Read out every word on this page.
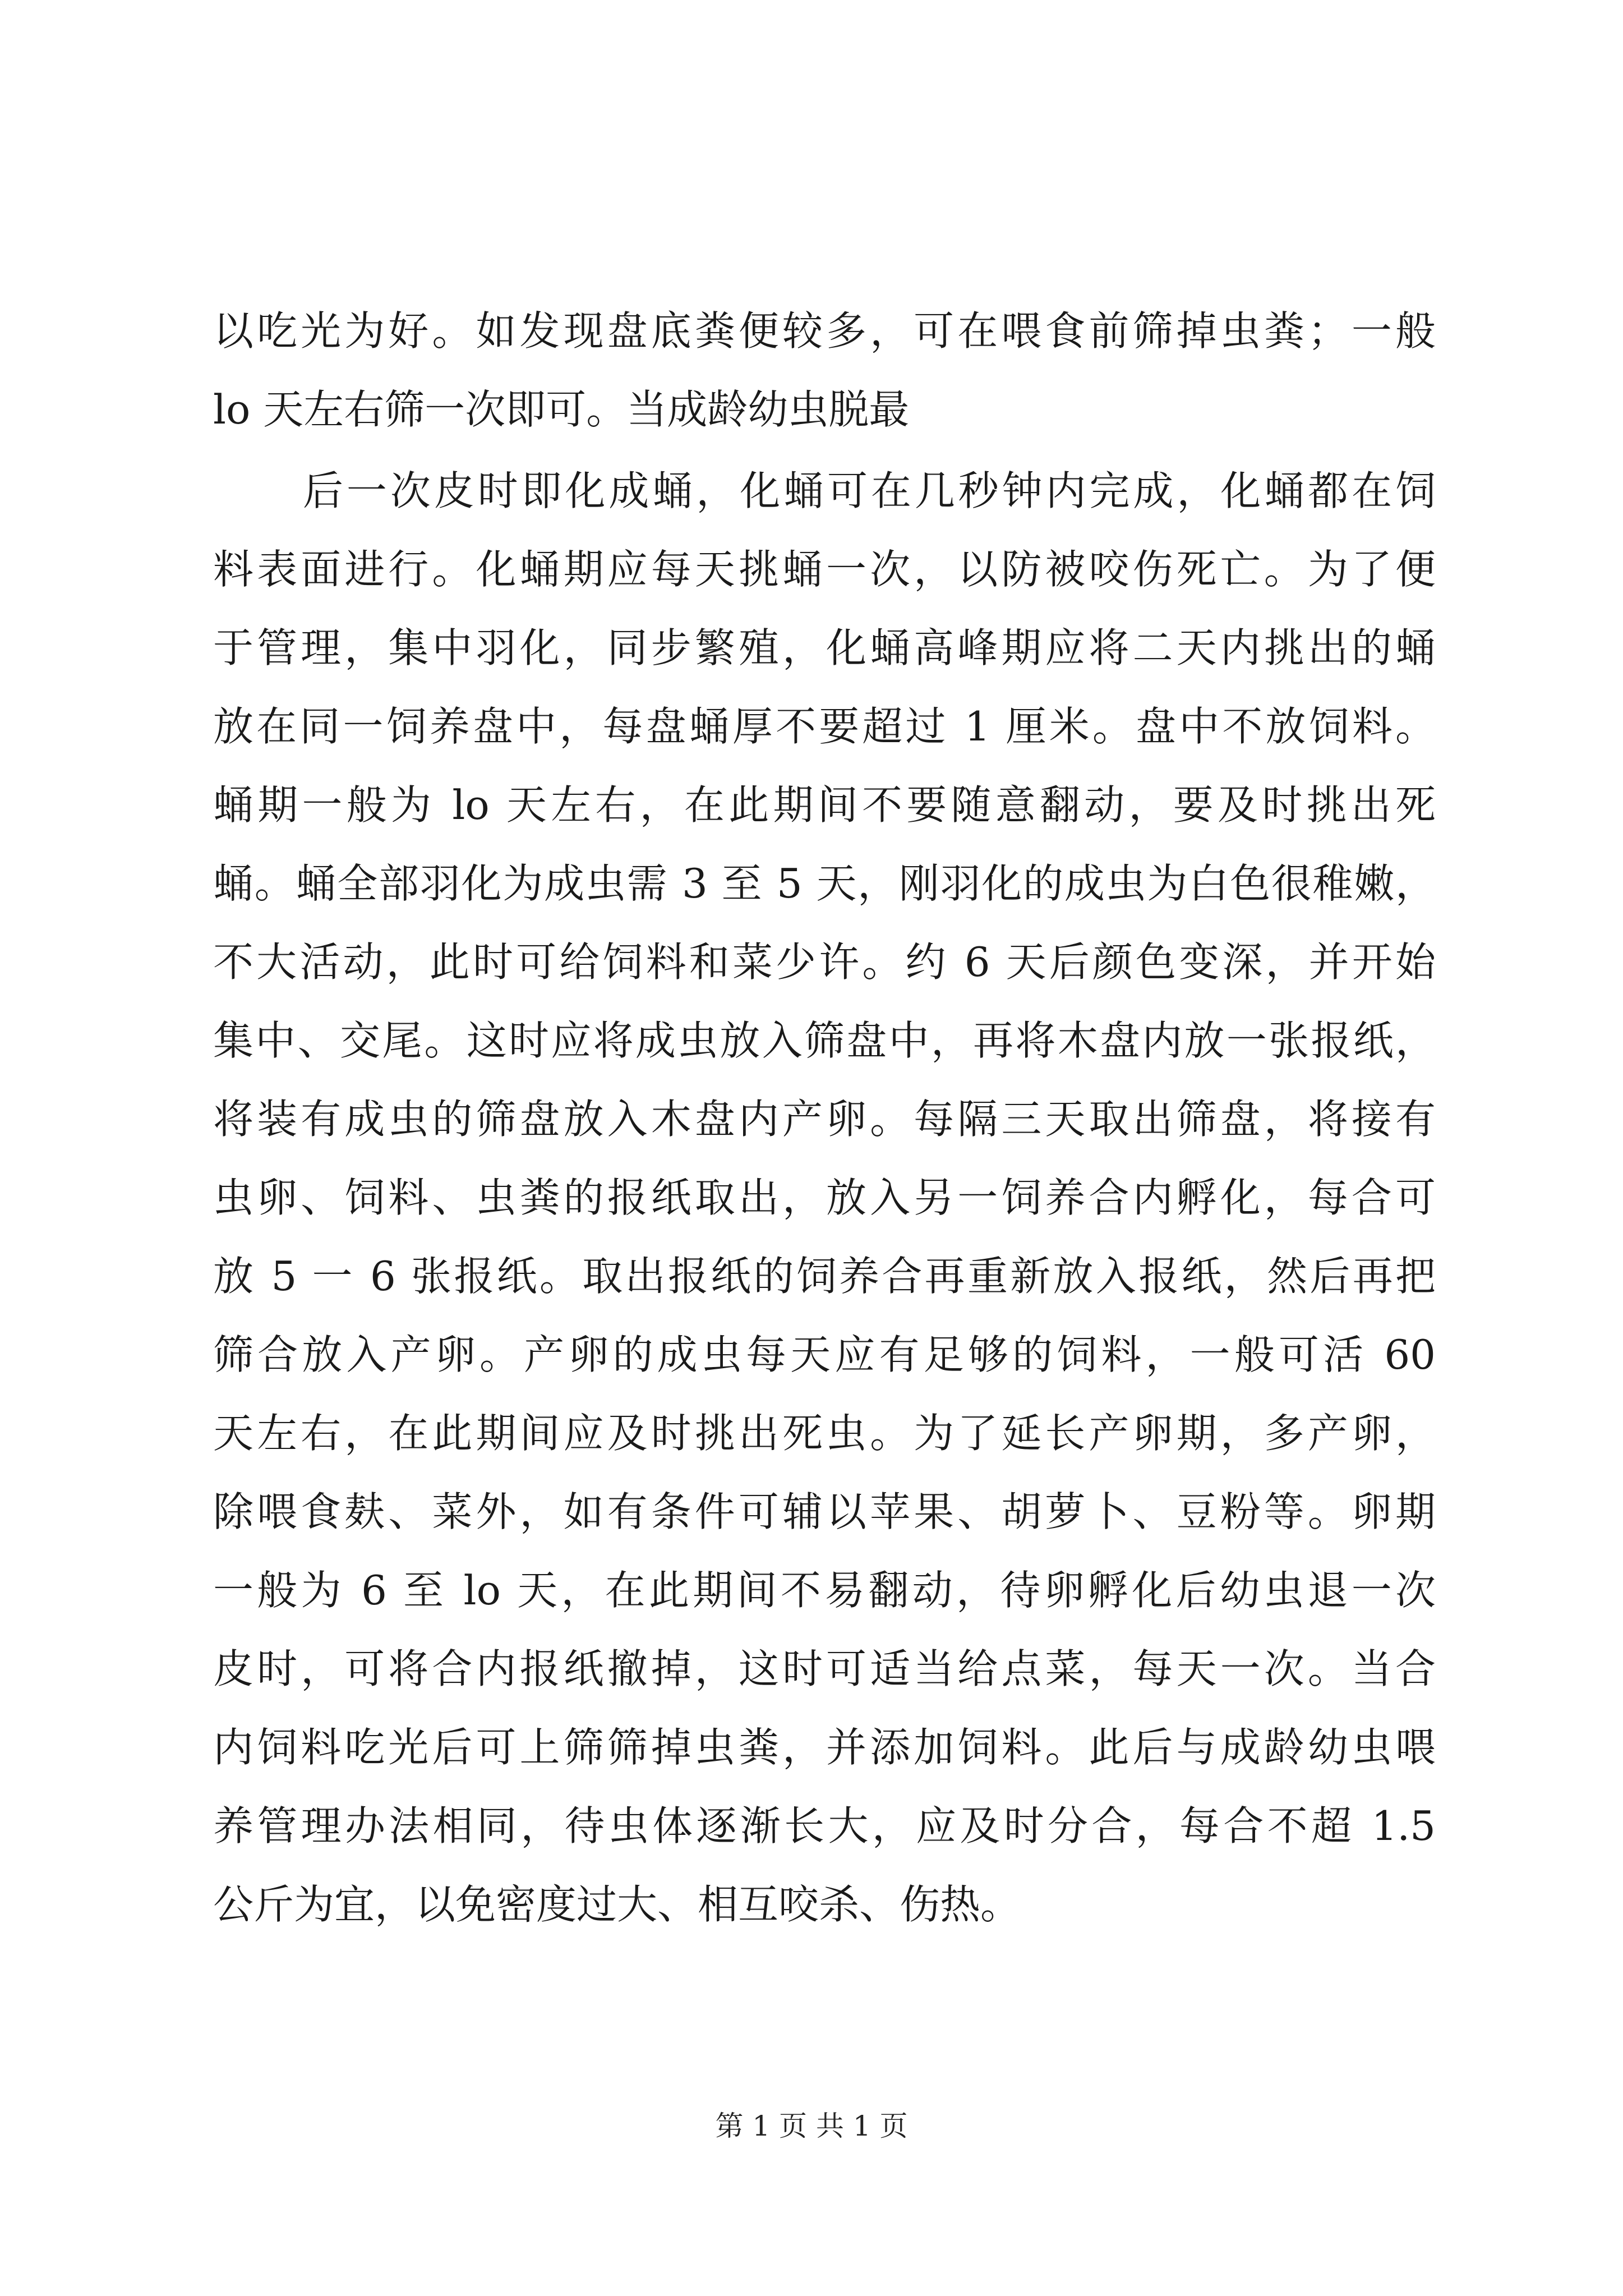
以吃光为好。如发现盘底粪便较多，可在喂食前筛掉虫粪；一般
lo 天左右筛一次即可。当成龄幼虫脱最
后一次皮时即化成蛹，化蛹可在几秒钟内完成，化蛹都在饲
料表面进行。化蛹期应每天挑蛹一次，以防被咬伤死亡。为了便
于管理，集中羽化，同步繁殖，化蛹高峰期应将二天内挑出的蛹
放在同一饲养盘中，每盘蛹厚不要超过 1 厘米。盘中不放饲料。
蛹期一般为 lo 天左右，在此期间不要随意翻动，要及时挑出死
蛹。蛹全部羽化为成虫需 3 至 5 天，刚羽化的成虫为白色很稚嫩，
不大活动，此时可给饲料和菜少许。约 6 天后颜色变深，并开始
集中、交尾。这时应将成虫放入筛盘中，再将木盘内放一张报纸，
将装有成虫的筛盘放入木盘内产卵。每隔三天取出筛盘，将接有
虫卵、饲料、虫粪的报纸取出，放入另一饲养合内孵化，每合可
放 5 一 6 张报纸。取出报纸的饲养合再重新放入报纸，然后再把
筛合放入产卵。产卵的成虫每天应有足够的饲料，一般可活 60
天左右，在此期间应及时挑出死虫。为了延长产卵期，多产卵，
除喂食麸、菜外，如有条件可辅以苹果、胡萝卜、豆粉等。卵期
一般为 6 至 lo 天，在此期间不易翻动，待卵孵化后幼虫退一次
皮时，可将合内报纸撤掉，这时可适当给点菜，每天一次。当合
内饲料吃光后可上筛筛掉虫粪，并添加饲料。此后与成龄幼虫喂
养管理办法相同，待虫体逐渐长大，应及时分合，每合不超 1.5
公斤为宜，以免密度过大、相互咬杀、伤热。
第 1 页 共 1 页
